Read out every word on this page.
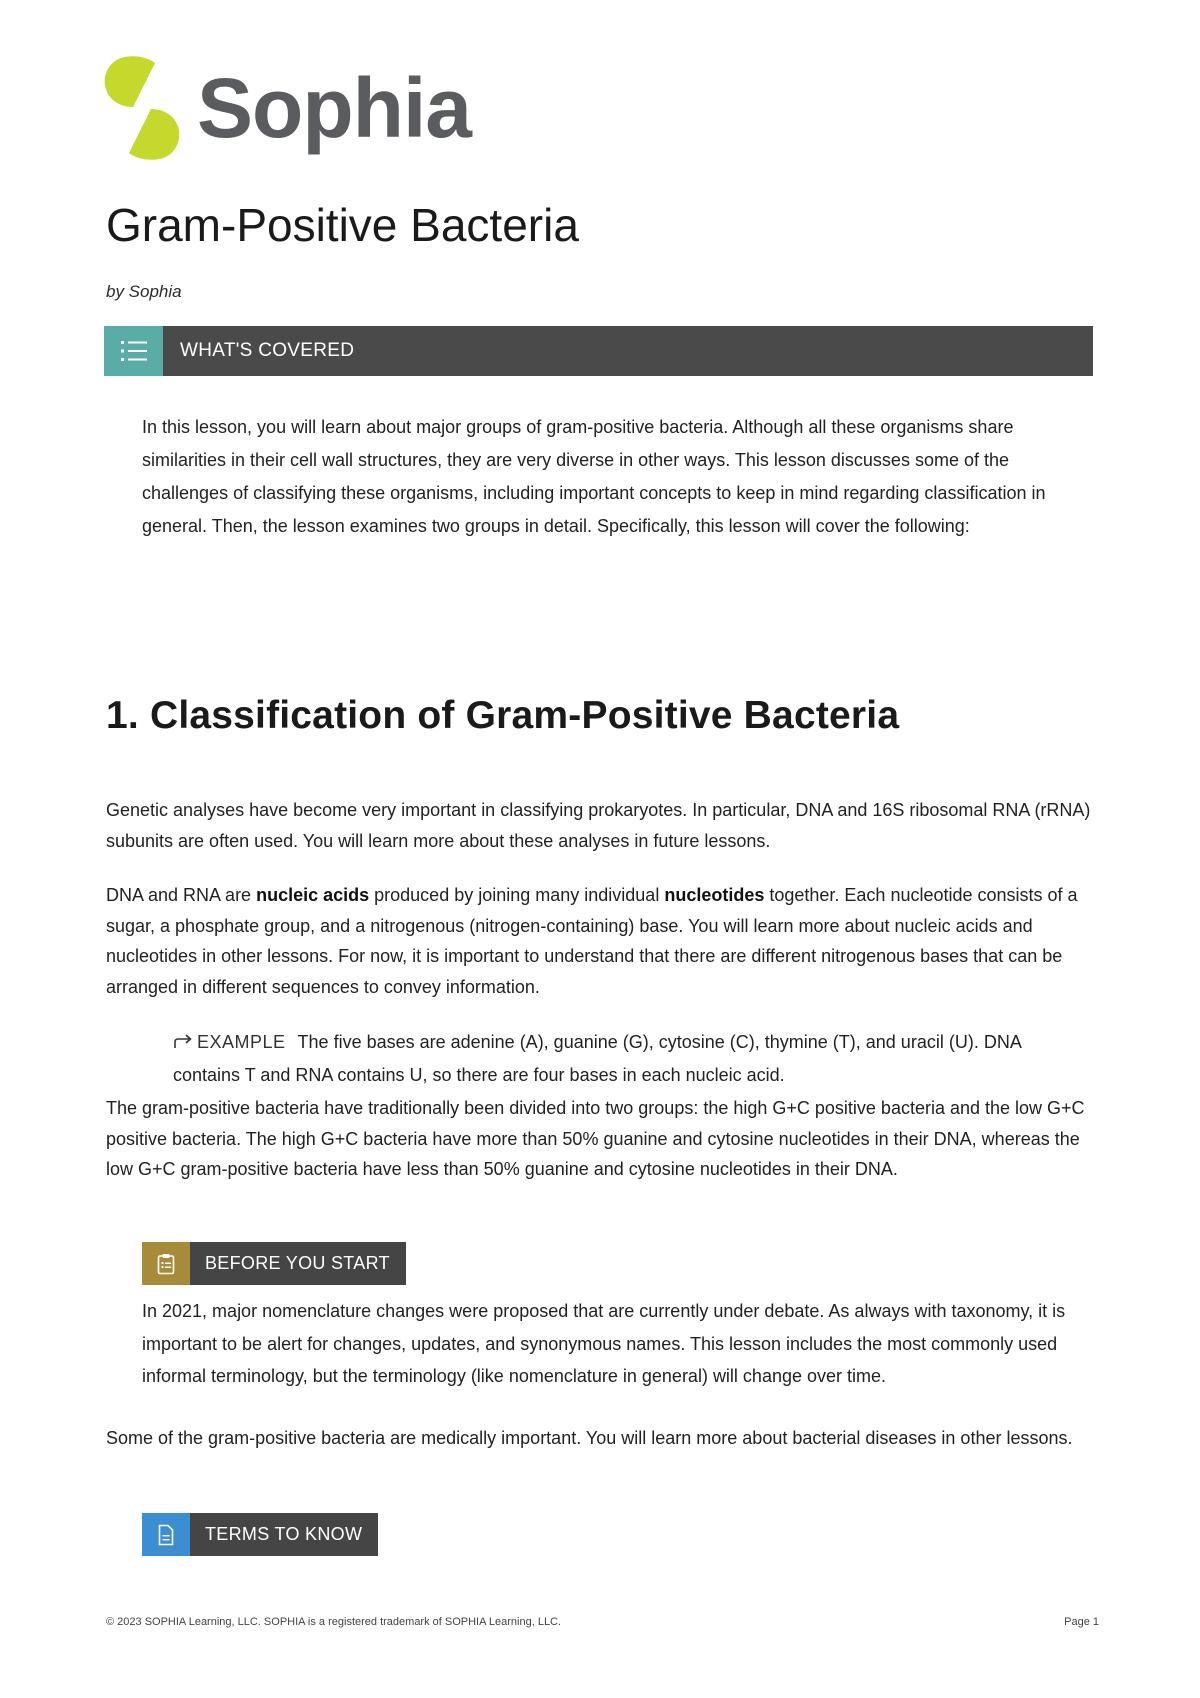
Sophia
Gram-Positive Bacteria
by Sophia
WHAT'S COVERED

In this lesson, you will learn about major groups of gram-positive bacteria. Although all these organisms share similarities in their cell wall structures, they are very diverse in other ways. This lesson discusses some of the challenges of classifying these organisms, including important concepts to keep in mind regarding classification in general. Then, the lesson examines two groups in detail. Specifically, this lesson will cover the following:

1. Classification of Gram-Positive Bacteria

Genetic analyses have become very important in classifying prokaryotes. In particular, DNA and 16S ribosomal RNA (rRNA) subunits are often used. You will learn more about these analyses in future lessons.

DNA and RNA are nucleic acids produced by joining many individual nucleotides together. Each nucleotide consists of a sugar, a phosphate group, and a nitrogenous (nitrogen-containing) base. You will learn more about nucleic acids and nucleotides in other lessons. For now, it is important to understand that there are different nitrogenous bases that can be arranged in different sequences to convey information.

EXAMPLE The five bases are adenine (A), guanine (G), cytosine (C), thymine (T), and uracil (U). DNA contains T and RNA contains U, so there are four bases in each nucleic acid.

The gram-positive bacteria have traditionally been divided into two groups: the high G+C positive bacteria and the low G+C positive bacteria. The high G+C bacteria have more than 50% guanine and cytosine nucleotides in their DNA, whereas the low G+C gram-positive bacteria have less than 50% guanine and cytosine nucleotides in their DNA.

BEFORE YOU START

In 2021, major nomenclature changes were proposed that are currently under debate. As always with taxonomy, it is important to be alert for changes, updates, and synonymous names. This lesson includes the most commonly used informal terminology, but the terminology (like nomenclature in general) will change over time.

Some of the gram-positive bacteria are medically important. You will learn more about bacterial diseases in other lessons.

TERMS TO KNOW
© 2023 SOPHIA Learning, LLC. SOPHIA is a registered trademark of SOPHIA Learning, LLC.	Page 1
